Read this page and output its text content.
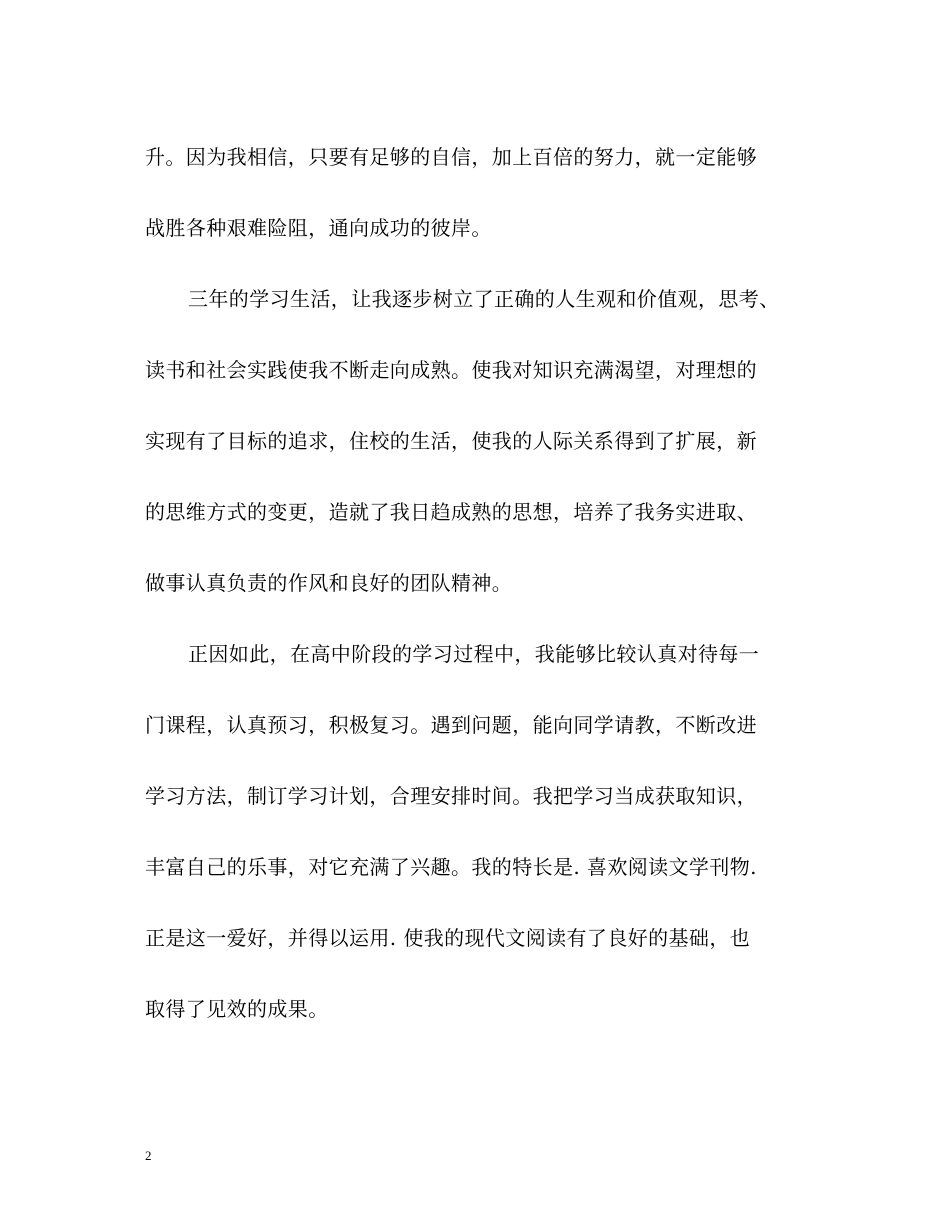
升。因为我相信，只要有足够的自信，加上百倍的努力，就一定能够
战胜各种艰难险阻，通向成功的彼岸。
三年的学习生活，让我逐步树立了正确的人生观和价值观，思考、
读书和社会实践使我不断走向成熟。使我对知识充满渴望，对理想的
实现有了目标的追求，住校的生活，使我的人际关系得到了扩展，新
的思维方式的变更，造就了我日趋成熟的思想，培养了我务实进取、
做事认真负责的作风和良好的团队精神。
正因如此，在高中阶段的学习过程中，我能够比较认真对待每一
门课程，认真预习，积极复习。遇到问题，能向同学请教，不断改进
学习方法，制订学习计划，合理安排时间。我把学习当成获取知识，
丰富自己的乐事，对它充满了兴趣。我的特长是. 喜欢阅读文学刊物.
正是这一爱好，并得以运用. 使我的现代文阅读有了良好的基础，也
取得了见效的成果。
2
